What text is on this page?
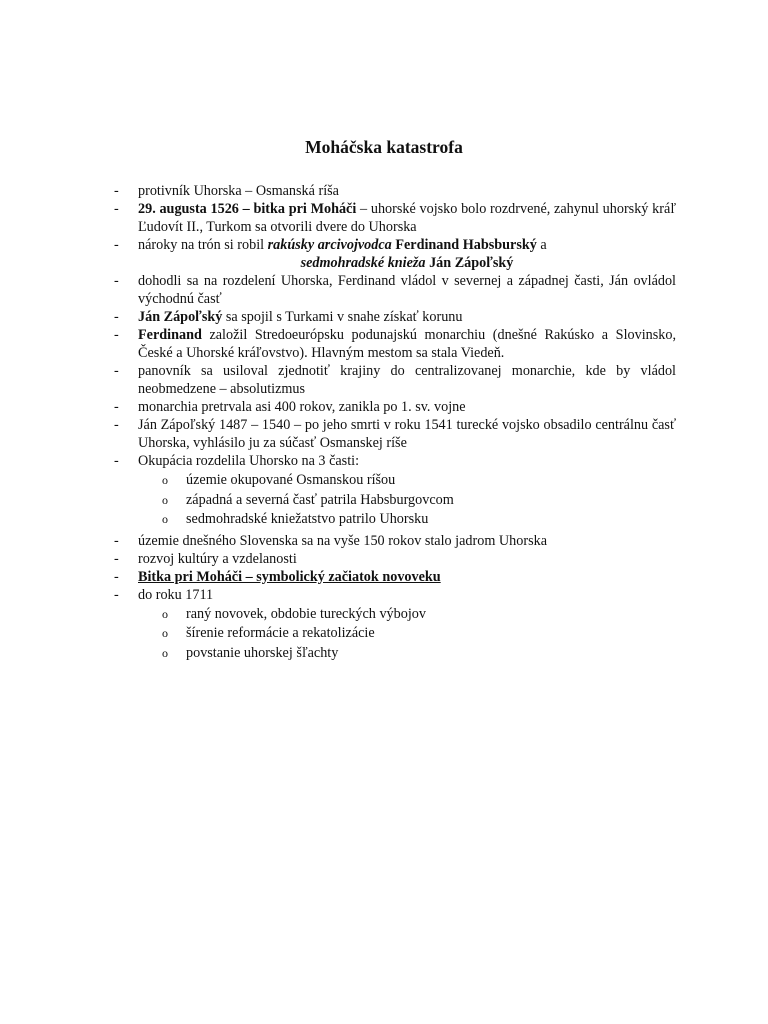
Moháčska katastrofa
- protivník Uhorska – Osmanská ríša
- 29. augusta 1526 – bitka pri Moháči – uhorské vojsko bolo rozdrvené, zahynul uhorský kráľ Ľudovít II., Turkom sa otvorili dvere do Uhorska
- nároky na trón si robil rakúsky arcivojvodca Ferdinand Habsburský a
sedmohradské knieža Ján Zápoľský
- dohodli sa na rozdelení Uhorska, Ferdinand vládol v severnej a západnej časti, Ján ovládol východnú časť
- Ján Zápoľský sa spojil s Turkami v snahe získať korunu
- Ferdinand založil Stredoeurópsku podunajskú monarchiu (dnešné Rakúsko a Slovinsko, České a Uhorské kráľovstvo). Hlavným mestom sa stala Viedeň.
- panovník sa usiloval zjednotiť krajiny do centralizovanej monarchie, kde by vládol neobmedzene – absolutizmus
- monarchia pretrvala asi 400 rokov, zanikla po 1. sv. vojne
- Ján Zápoľský 1487 – 1540 – po jeho smrti v roku 1541 turecké vojsko obsadilo centrálnu časť Uhorska, vyhlásilo ju za súčasť Osmanskej ríše
- Okupácia rozdelila Uhorsko na 3 časti:
o územie okupované Osmanskou ríšou
o západná a severná časť patrila Habsburgovcom
o sedmohradské kniežatstvo patrilo Uhorsku
- územie dnešného Slovenska sa na vyše 150 rokov stalo jadrom Uhorska
- rozvoj kultúry a vzdelanosti
- Bitka pri Moháči – symbolický začiatok novoveku
- do roku 1711
o raný novovek, obdobie tureckých výbojov
o šírenie reformácie a rekatolizácie
o povstanie uhorskej šľachty
